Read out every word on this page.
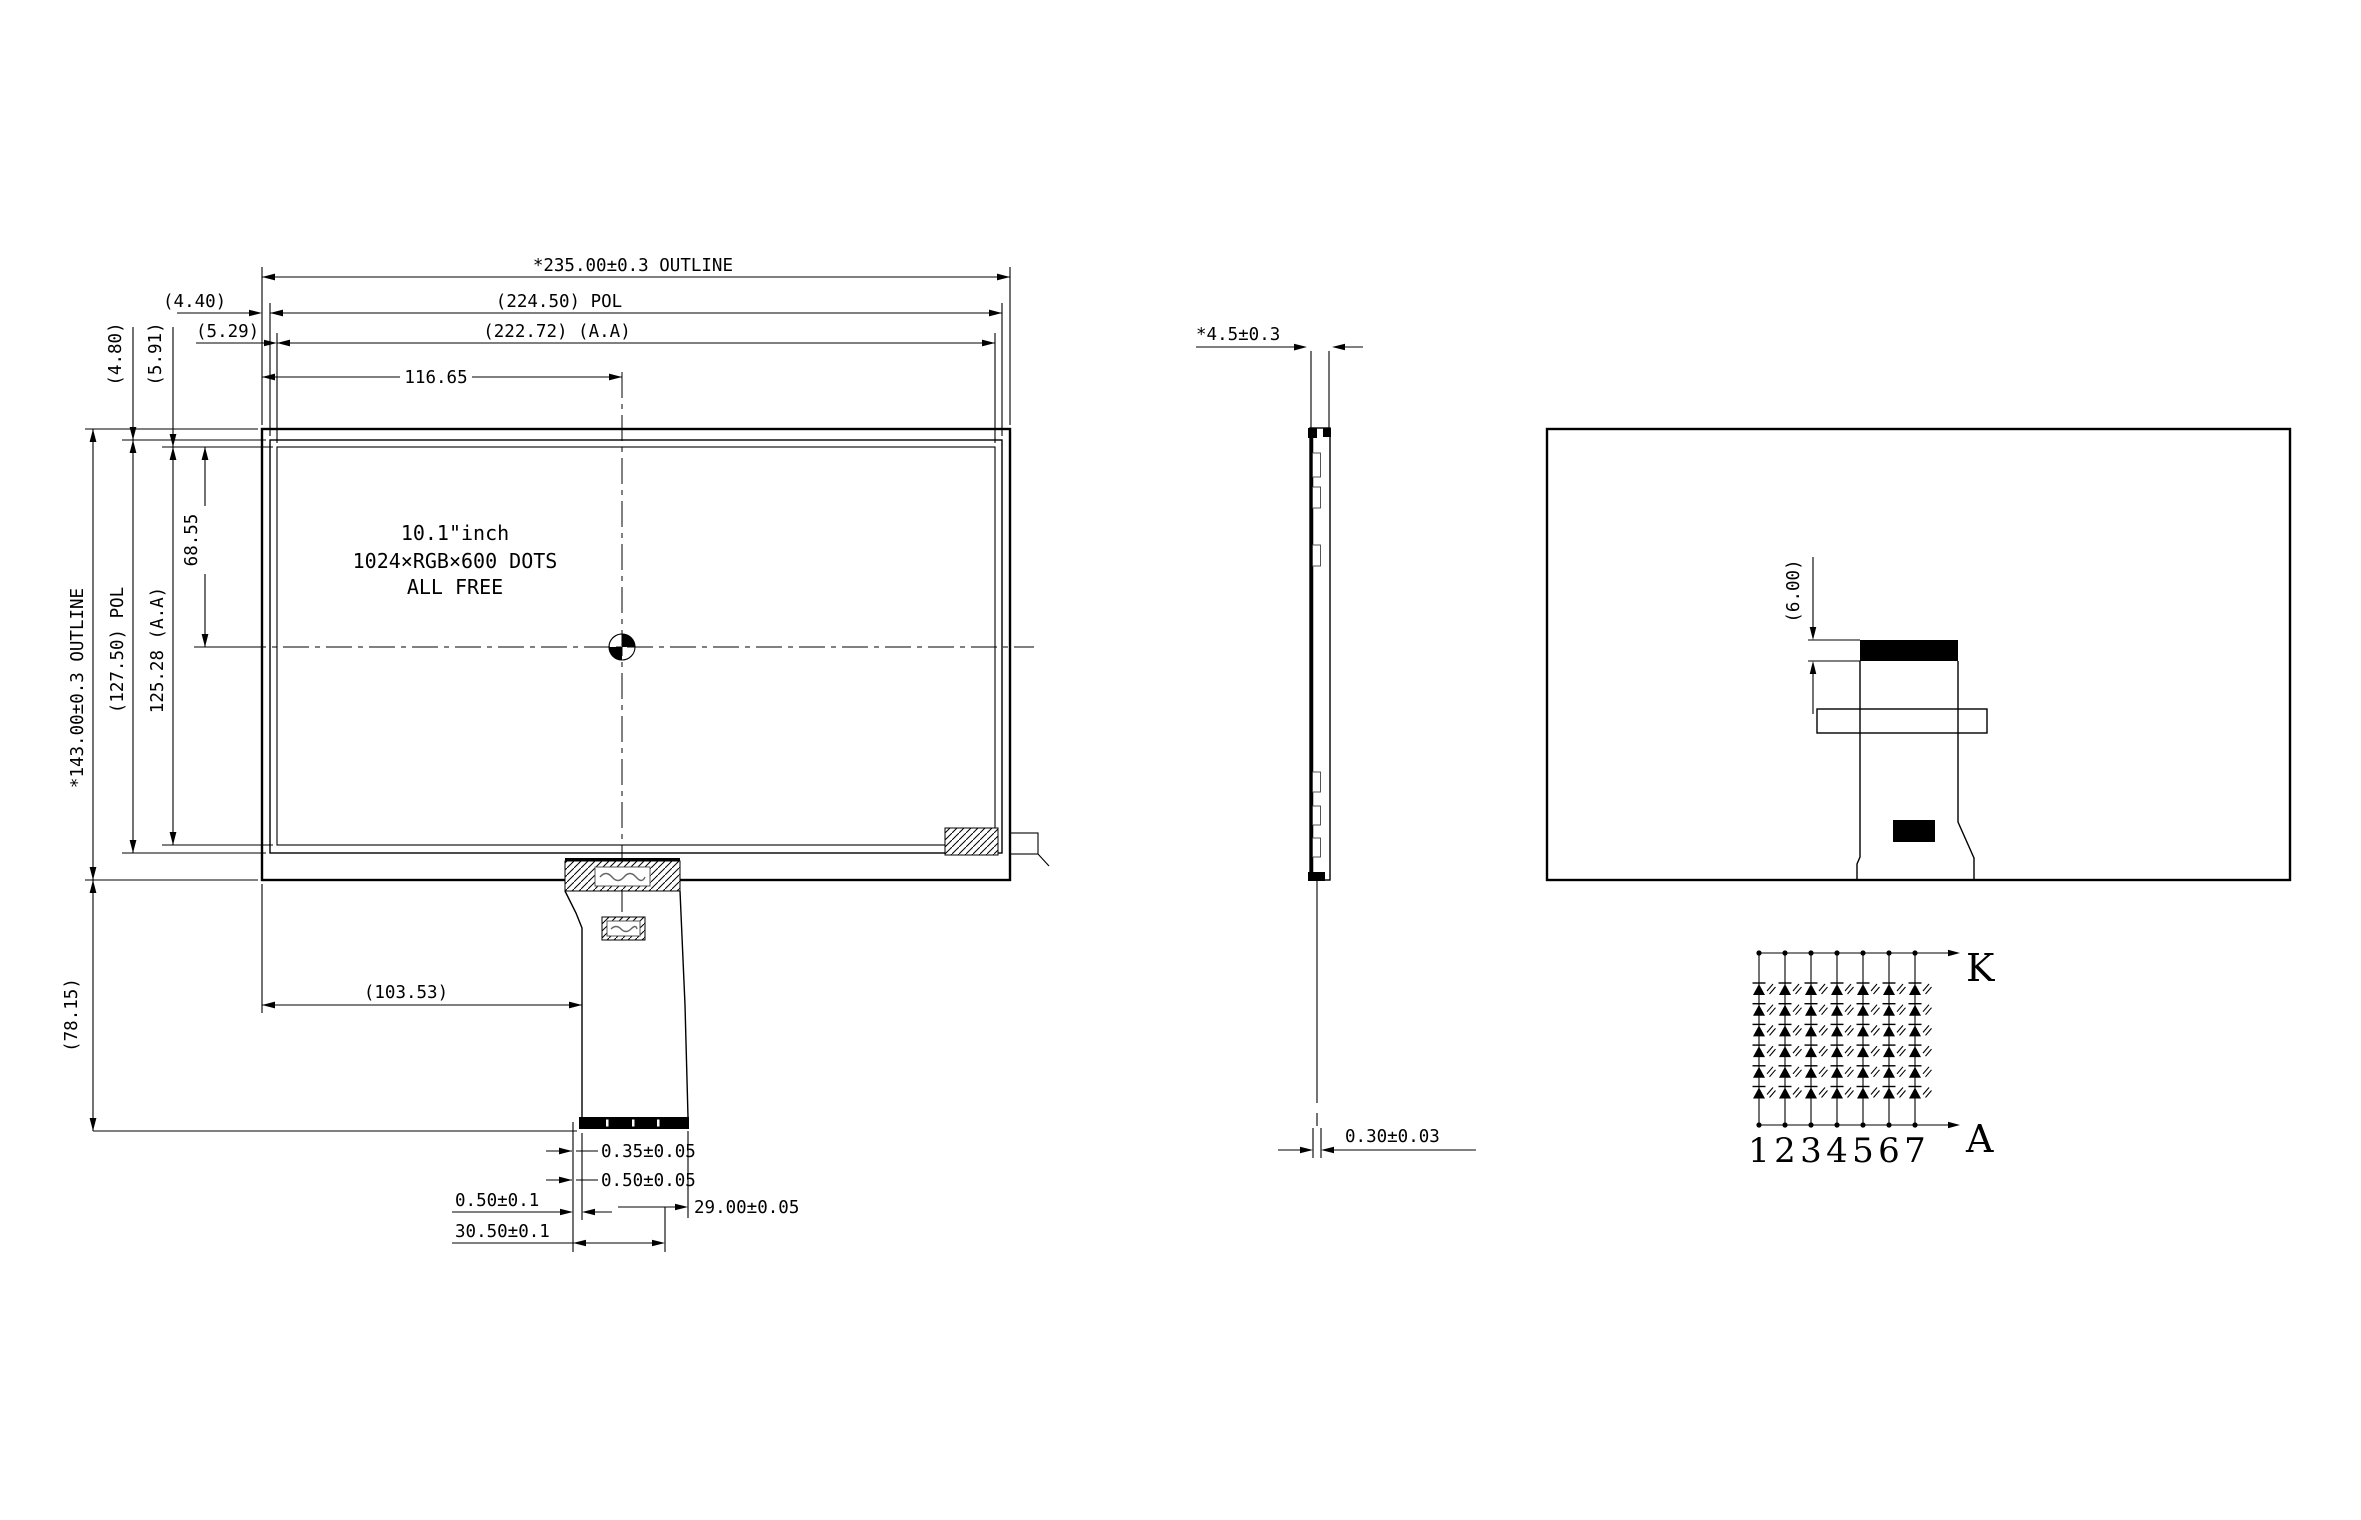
10.1"inch
1024×RGB×600 DOTS
ALL FREE
*235.00±0.3 OUTLINE
(224.50) POL
(4.40)
(222.72) (A.A)
(5.29)
116.65
*143.00±0.3 OUTLINE
(4.80) (5.91)
(127.50) POL 125.28 (A.A)
68.55
(78.15)	(103.53)
0.35±0.05
0.50±0.05
0.50±0.1	29.00±0.05
30.50±0.1
*4.5±0.3
0.30±0.03
(6.00)
K
A
1 2 3 4 5 6 7
